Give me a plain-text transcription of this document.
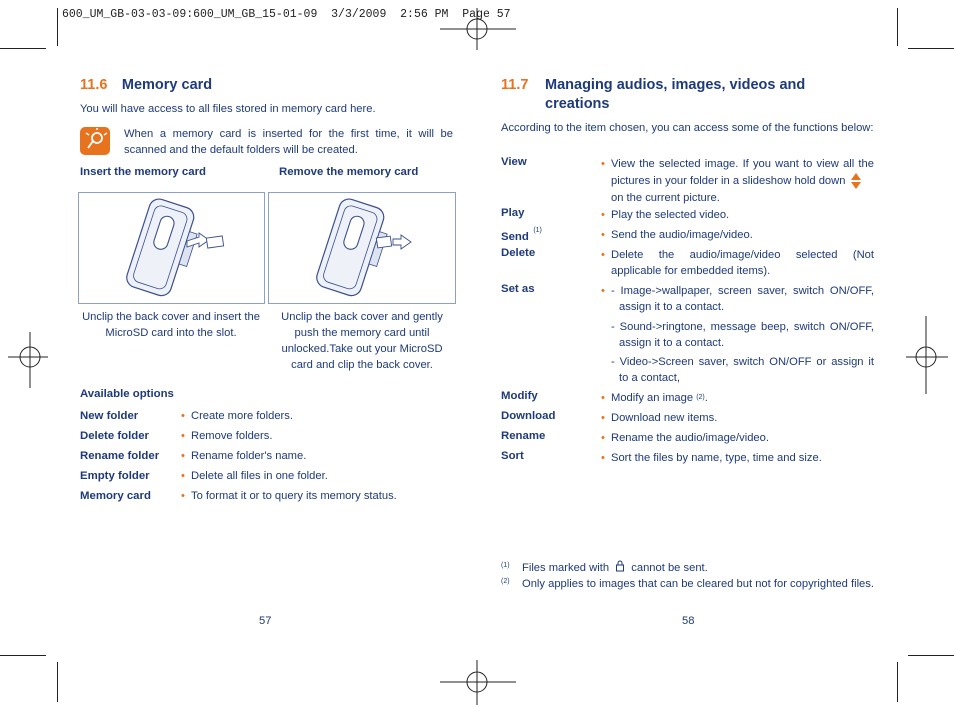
600_UM_GB-03-03-09:600_UM_GB_15-01-09  3/3/2009  2:56 PM  Page 57
11.6 Memory card
You will have access to all files stored in memory card here.
When a memory card is inserted for the first time, it will be scanned and the default folders will be created.
Insert the memory card	Remove the memory card
Unclip the back cover and insert the MicroSD card into the slot.
Unclip the back cover and gently push the memory card until unlocked.Take out your MicroSD card and clip the back cover.
Available options
New folder	• Create more folders.
Delete folder	• Remove folders.
Rename folder	• Rename folder's name.
Empty folder	• Delete all files in one folder.
Memory card	• To format it or to query its memory status.
57
11.7 Managing audios, images, videos and
creations
According to the item chosen, you can access some of the functions below:
View	• View the selected image. If you want to view all the
pictures in your folder in a slideshow hold down
on the current picture.
Play	• Play the selected video.
Send $^{(1)}$	• Send the audio/image/video.
Delete	• Delete the audio/image/video selected (Not applicable for embedded items).
Set as	• - Image->wallpaper, screen saver, switch ON/OFF, assign it to a contact.
- Sound->ringtone, message beep, switch ON/OFF, assign it to a contact.
- Video->Screen saver, switch ON/OFF or assign it to a contact,
Modify	• Modify an image $^{(2)}$.
Download	• Download new items.
Rename	• Rename the audio/image/video.
Sort	• Sort the files by name, type, time and size.
(1) Files marked with cannot be sent.
(2) Only applies to images that can be cleared but not for copyrighted files.
58
